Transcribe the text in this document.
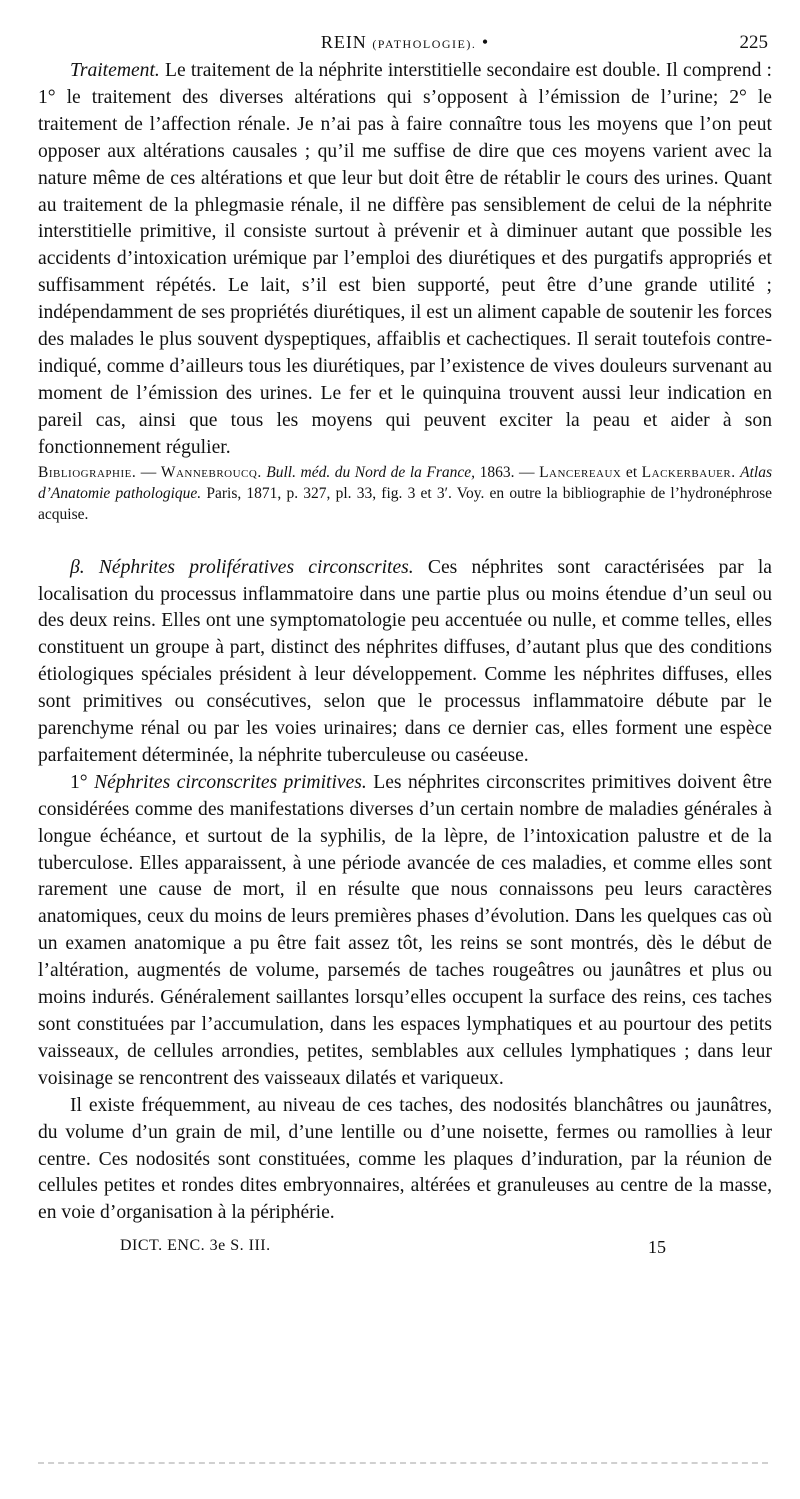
REIN (PATHOLOGIE). •	225

Traitement. Le traitement de la néphrite interstitielle secondaire est double. Il comprend : 1° le traitement des diverses altérations qui s’opposent à l’émission de l’urine; 2° le traitement de l’affection rénale. Je n’ai pas à faire connaître tous les moyens que l’on peut opposer aux altérations causales ; qu’il me suffise de dire que ces moyens varient avec la nature même de ces altérations et que leur but doit être de rétablir le cours des urines. Quant au traitement de la phlegmasie rénale, il ne diffère pas sensiblement de celui de la néphrite interstitielle primitive, il consiste surtout à prévenir et à diminuer autant que possible les accidents d’intoxication urémique par l’emploi des diurétiques et des purgatifs appropriés et suffisamment répétés. Le lait, s’il est bien supporté, peut être d’une grande utilité ; indépendamment de ses propriétés diurétiques, il est un aliment capable de soutenir les forces des malades le plus souvent dyspeptiques, affaiblis et cachectiques. Il serait toutefois contre-indiqué, comme d’ailleurs tous les diurétiques, par l’existence de vives douleurs survenant au moment de l’émission des urines. Le fer et le quinquina trouvent aussi leur indication en pareil cas, ainsi que tous les moyens qui peuvent exciter la peau et aider à son fonctionnement régulier.

Bibliographie. — Wannebroucq. Bull. méd. du Nord de la France, 1863. — Lancereaux et Lackerbauer. Atlas d’Anatomie pathologique. Paris, 1871, p. 327, pl. 33, fig. 3 et 3′. Voy. en outre la bibliographie de l’hydronéphrose acquise.

β. Néphrites prolifératives circonscrites. Ces néphrites sont caractérisées par la localisation du processus inflammatoire dans une partie plus ou moins étendue d’un seul ou des deux reins. Elles ont une symptomatologie peu accentuée ou nulle, et comme telles, elles constituent un groupe à part, distinct des néphrites diffuses, d’autant plus que des conditions étiologiques spéciales président à leur développement. Comme les néphrites diffuses, elles sont primitives ou consécutives, selon que le processus inflammatoire débute par le parenchyme rénal ou par les voies urinaires; dans ce dernier cas, elles forment une espèce parfaitement déterminée, la néphrite tuberculeuse ou caséeuse.

1° Néphrites circonscrites primitives. Les néphrites circonscrites primitives doivent être considérées comme des manifestations diverses d’un certain nombre de maladies générales à longue échéance, et surtout de la syphilis, de la lèpre, de l’intoxication palustre et de la tuberculose. Elles apparaissent, à une période avancée de ces maladies, et comme elles sont rarement une cause de mort, il en résulte que nous connaissons peu leurs caractères anatomiques, ceux du moins de leurs premières phases d’évolution. Dans les quelques cas où un examen anatomique a pu être fait assez tôt, les reins se sont montrés, dès le début de l’altération, augmentés de volume, parsemés de taches rougeâtres ou jaunâtres et plus ou moins indurés. Généralement saillantes lorsqu’elles occupent la surface des reins, ces taches sont constituées par l’accumulation, dans les espaces lymphatiques et au pourtour des petits vaisseaux, de cellules arrondies, petites, semblables aux cellules lymphatiques ; dans leur voisinage se rencontrent des vaisseaux dilatés et variqueux.

Il existe fréquemment, au niveau de ces taches, des nodosités blanchâtres ou jaunâtres, du volume d’un grain de mil, d’une lentille ou d’une noisette, fermes ou ramollies à leur centre. Ces nodosités sont constituées, comme les plaques d’induration, par la réunion de cellules petites et rondes dites embryonnaires, altérées et granuleuses au centre de la masse, en voie d’organisation à la périphérie.

DICT. ENC. 3e S. III.	15
